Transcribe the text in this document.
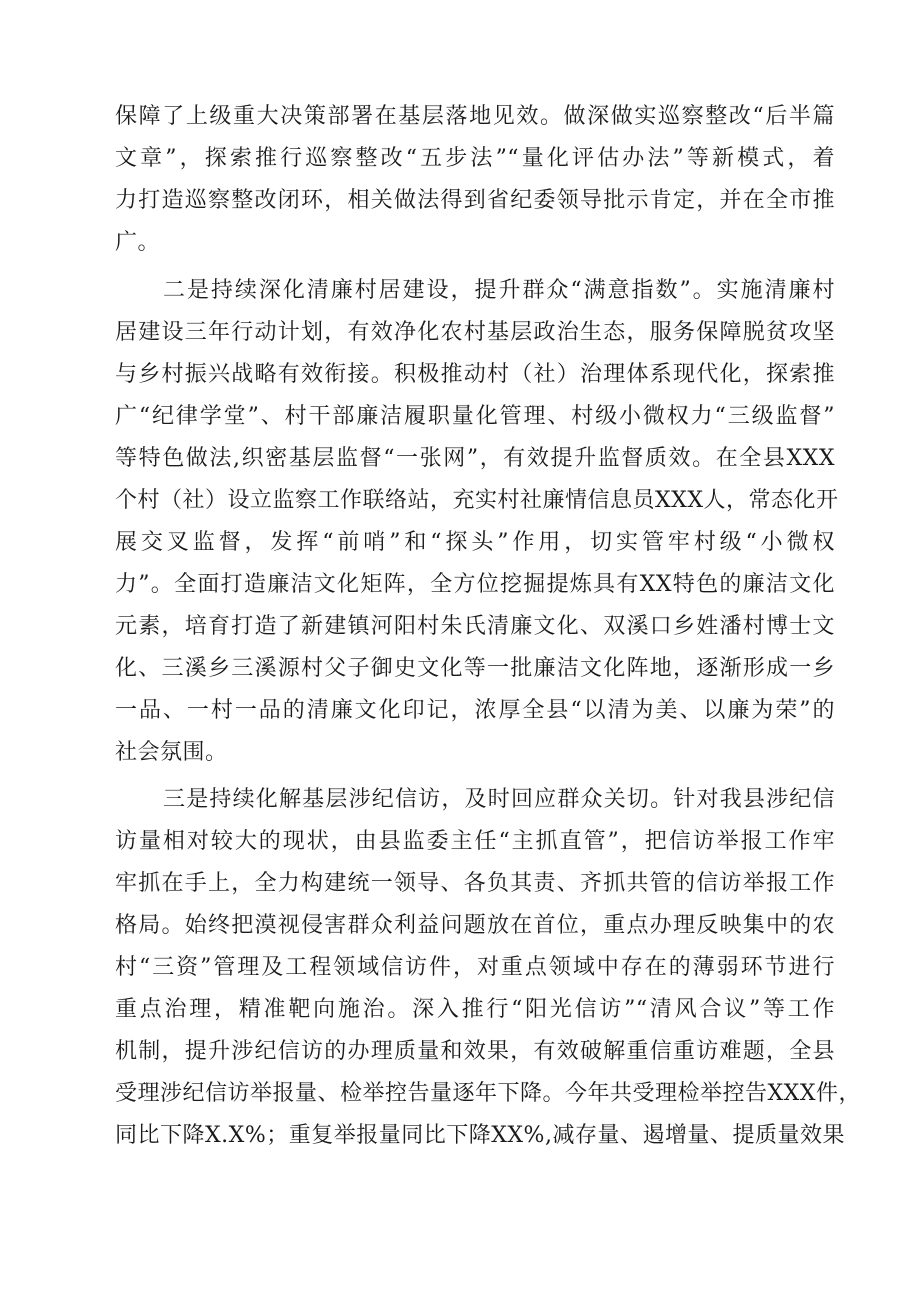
保障了上级重大决策部署在基层落地见效。做深做实巡察整改“后半篇
文章”，探索推行巡察整改“五步法”“量化评估办法”等新模式，着
力打造巡察整改闭环，相关做法得到省纪委领导批示肯定，并在全市推
广。
二是持续深化清廉村居建设，提升群众“满意指数”。实施清廉村
居建设三年行动计划，有效净化农村基层政治生态，服务保障脱贫攻坚
与乡村振兴战略有效衔接。积极推动村（社）治理体系现代化，探索推
广“纪律学堂”、村干部廉洁履职量化管理、村级小微权力“三级监督”
等特色做法,织密基层监督“一张网”，有效提升监督质效。在全县XXX
个村（社）设立监察工作联络站，充实村社廉情信息员XXX人，常态化开
展交叉监督，发挥“前哨”和“探头”作用，切实管牢村级“小微权
力”。全面打造廉洁文化矩阵，全方位挖掘提炼具有XX特色的廉洁文化
元素，培育打造了新建镇河阳村朱氏清廉文化、双溪口乡姓潘村博士文
化、三溪乡三溪源村父子御史文化等一批廉洁文化阵地，逐渐形成一乡
一品、一村一品的清廉文化印记，浓厚全县“以清为美、以廉为荣”的
社会氛围。
三是持续化解基层涉纪信访，及时回应群众关切。针对我县涉纪信
访量相对较大的现状，由县监委主任“主抓直管”，把信访举报工作牢
牢抓在手上，全力构建统一领导、各负其责、齐抓共管的信访举报工作
格局。始终把漠视侵害群众利益问题放在首位，重点办理反映集中的农
村“三资”管理及工程领域信访件，对重点领域中存在的薄弱环节进行
重点治理，精准靶向施治。深入推行“阳光信访”“清风合议”等工作
机制，提升涉纪信访的办理质量和效果，有效破解重信重访难题，全县
受理涉纪信访举报量、检举控告量逐年下降。今年共受理检举控告XXX件，
同比下降X.X%；重复举报量同比下降XX%,减存量、遏增量、提质量效果
